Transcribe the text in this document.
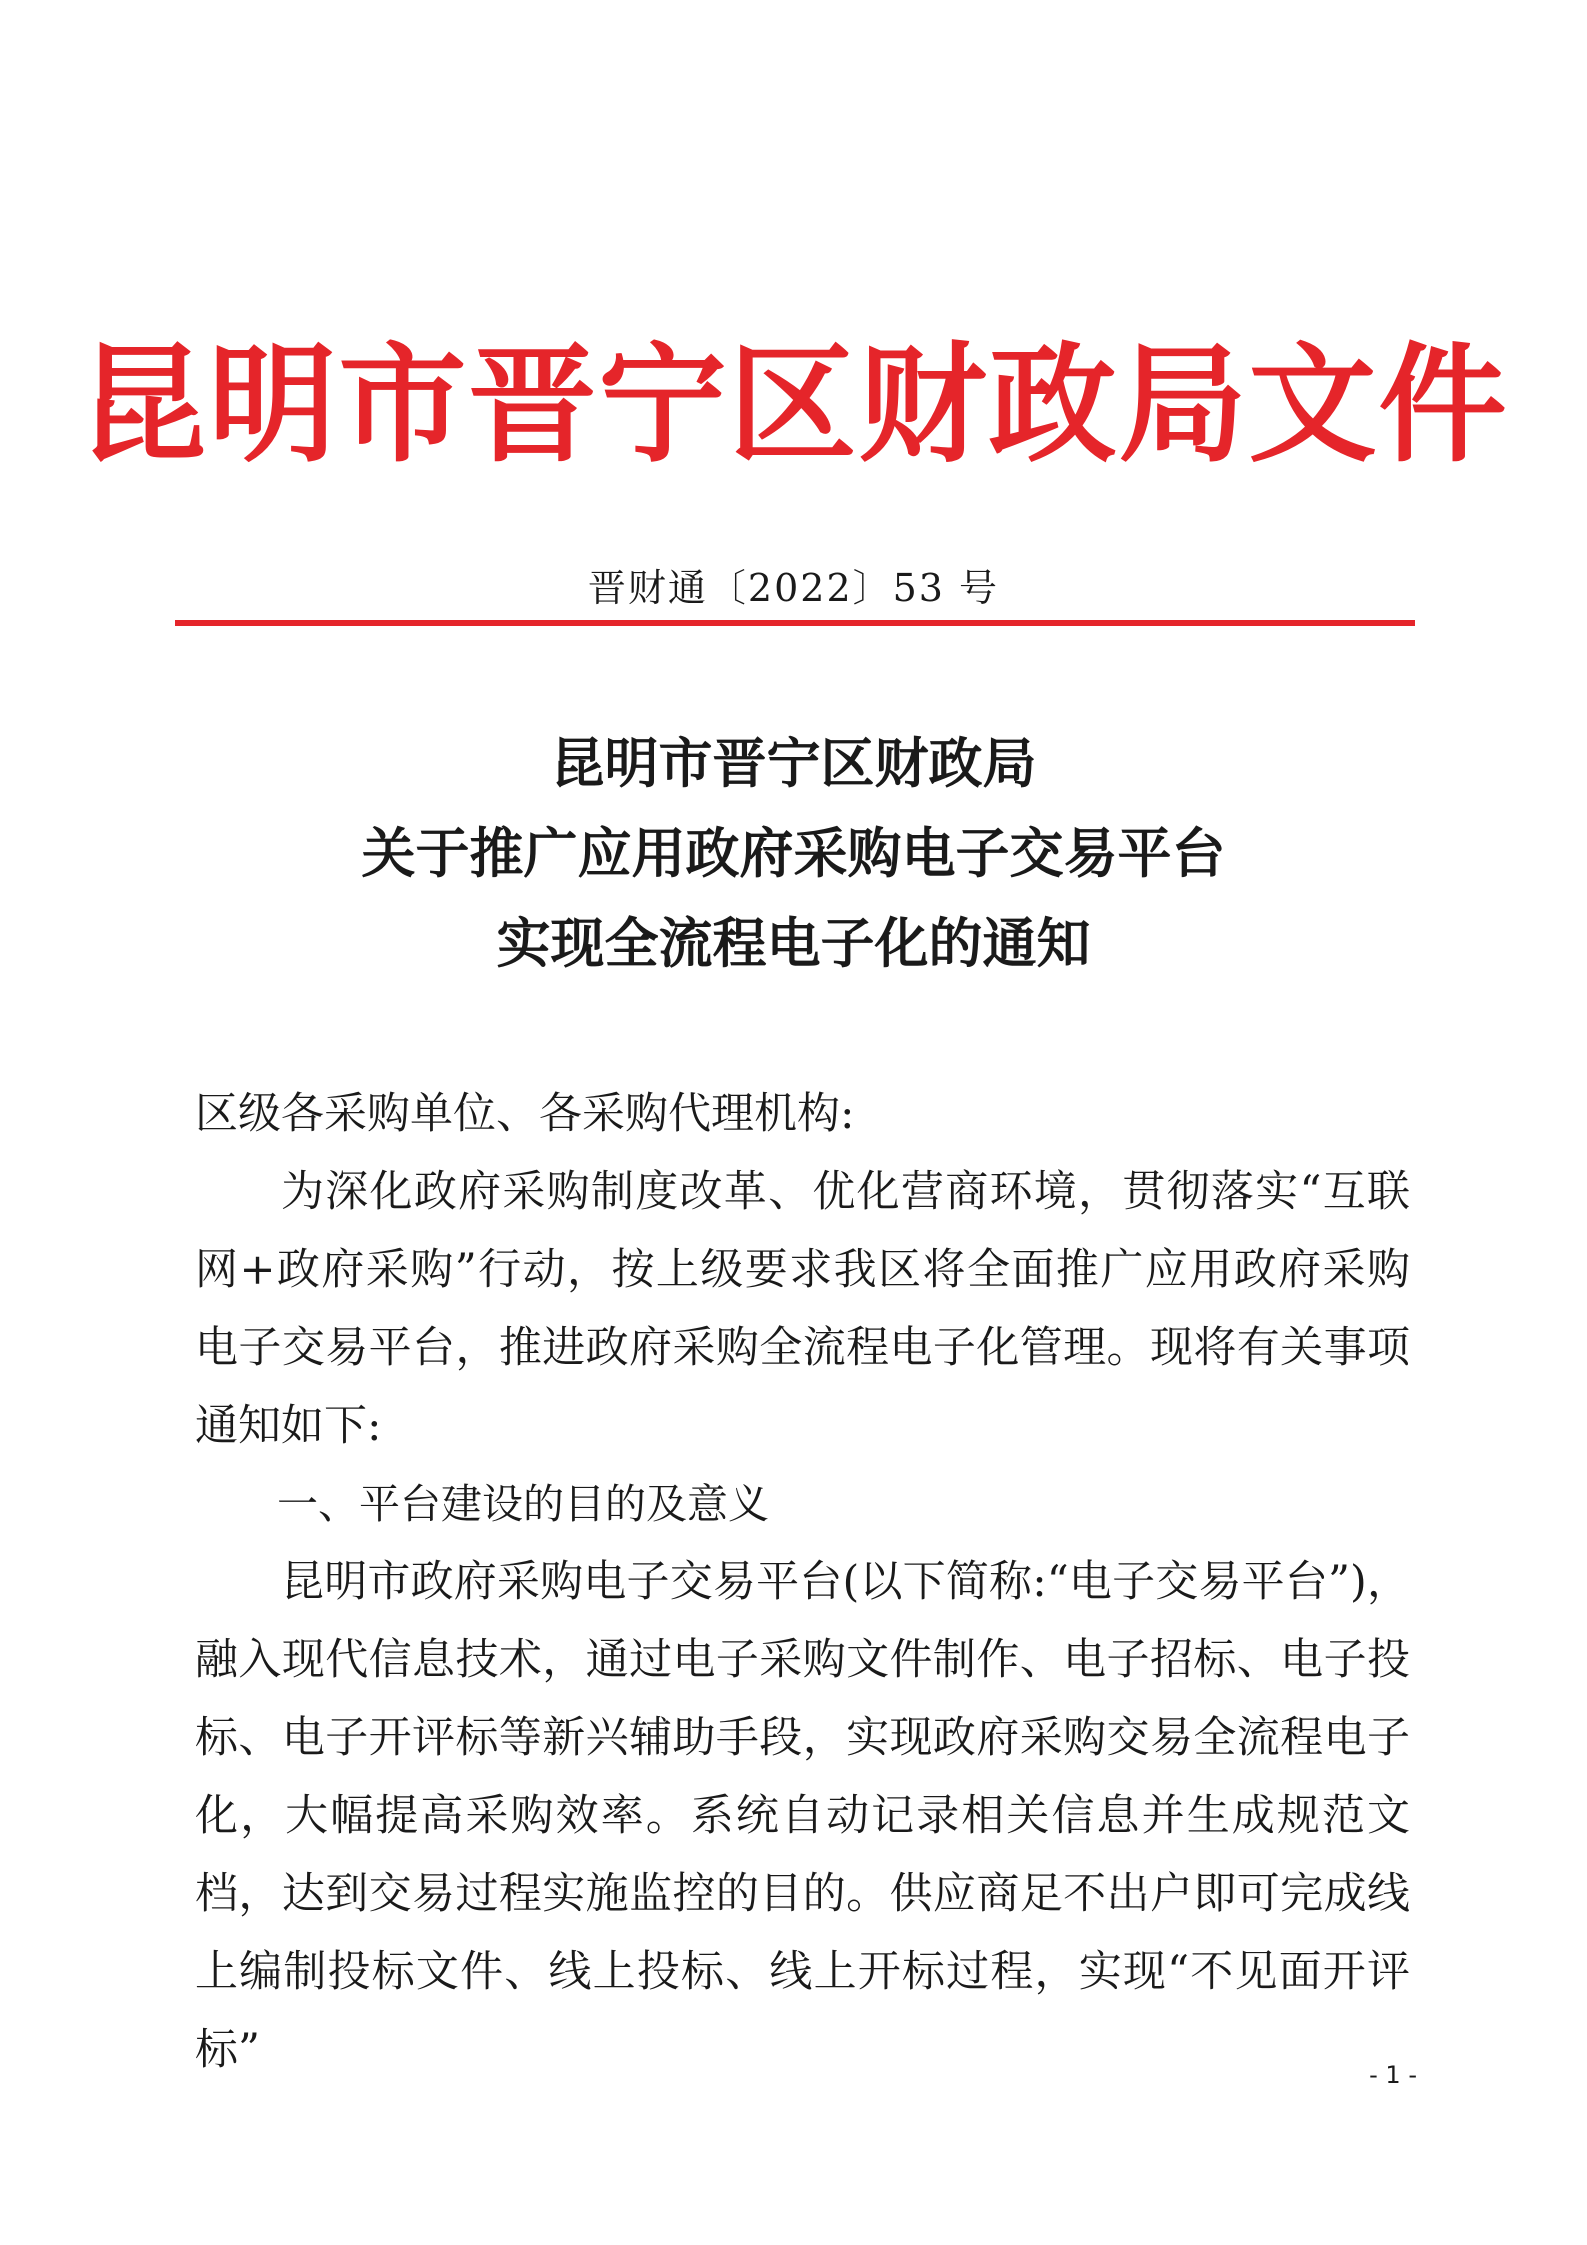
昆明市晋宁区财政局文件
晋财通〔2022〕53 号
昆明市晋宁区财政局
关于推广应用政府采购电子交易平台
实现全流程电子化的通知

区级各采购单位、各采购代理机构:

为深化政府采购制度改革、优化营商环境，贯彻落实“互联网+政府采购”行动，按上级要求我区将全面推广应用政府采购电子交易平台，推进政府采购全流程电子化管理。现将有关事项通知如下:

一、平台建设的目的及意义

昆明市政府采购电子交易平台(以下简称:“电子交易平台”)，融入现代信息技术，通过电子采购文件制作、电子招标、电子投标、电子开评标等新兴辅助手段，实现政府采购交易全流程电子化，大幅提高采购效率。系统自动记录相关信息并生成规范文档，达到交易过程实施监控的目的。供应商足不出户即可完成线上编制投标文件、线上投标、线上开标过程，实现“不见面开评标”	- 1 -
